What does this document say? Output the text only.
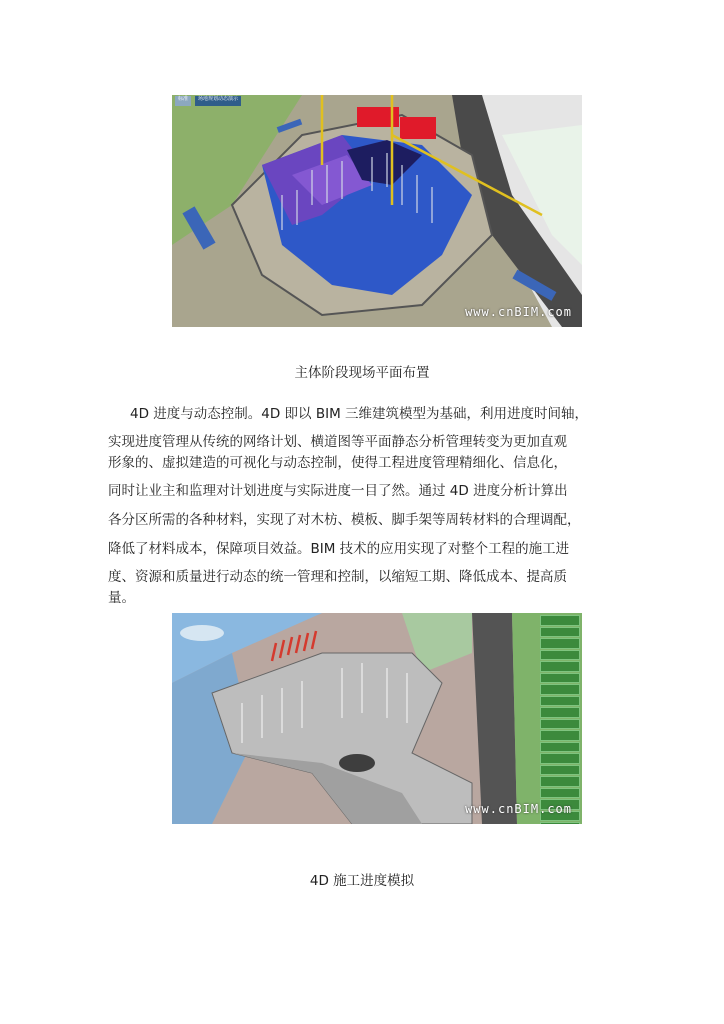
标准	场地规划动态演示
www.cnBIM.com
主体阶段现场平面布置
4D 进度与动态控制。4D 即以 BIM 三维建筑模型为基础，利用进度时间轴，
实现进度管理从传统的网络计划、横道图等平面静态分析管理转变为更加直观
形象的、虚拟建造的可视化与动态控制，使得工程进度管理精细化、信息化，
同时让业主和监理对计划进度与实际进度一目了然。通过 4D 进度分析计算出
各分区所需的各种材料，实现了对木枋、模板、脚手架等周转材料的合理调配，
降低了材料成本，保障项目效益。BIM 技术的应用实现了对整个工程的施工进
度、资源和质量进行动态的统一管理和控制，以缩短工期、降低成本、提高质
量。
www.cnBIM.com
4D 施工进度模拟
